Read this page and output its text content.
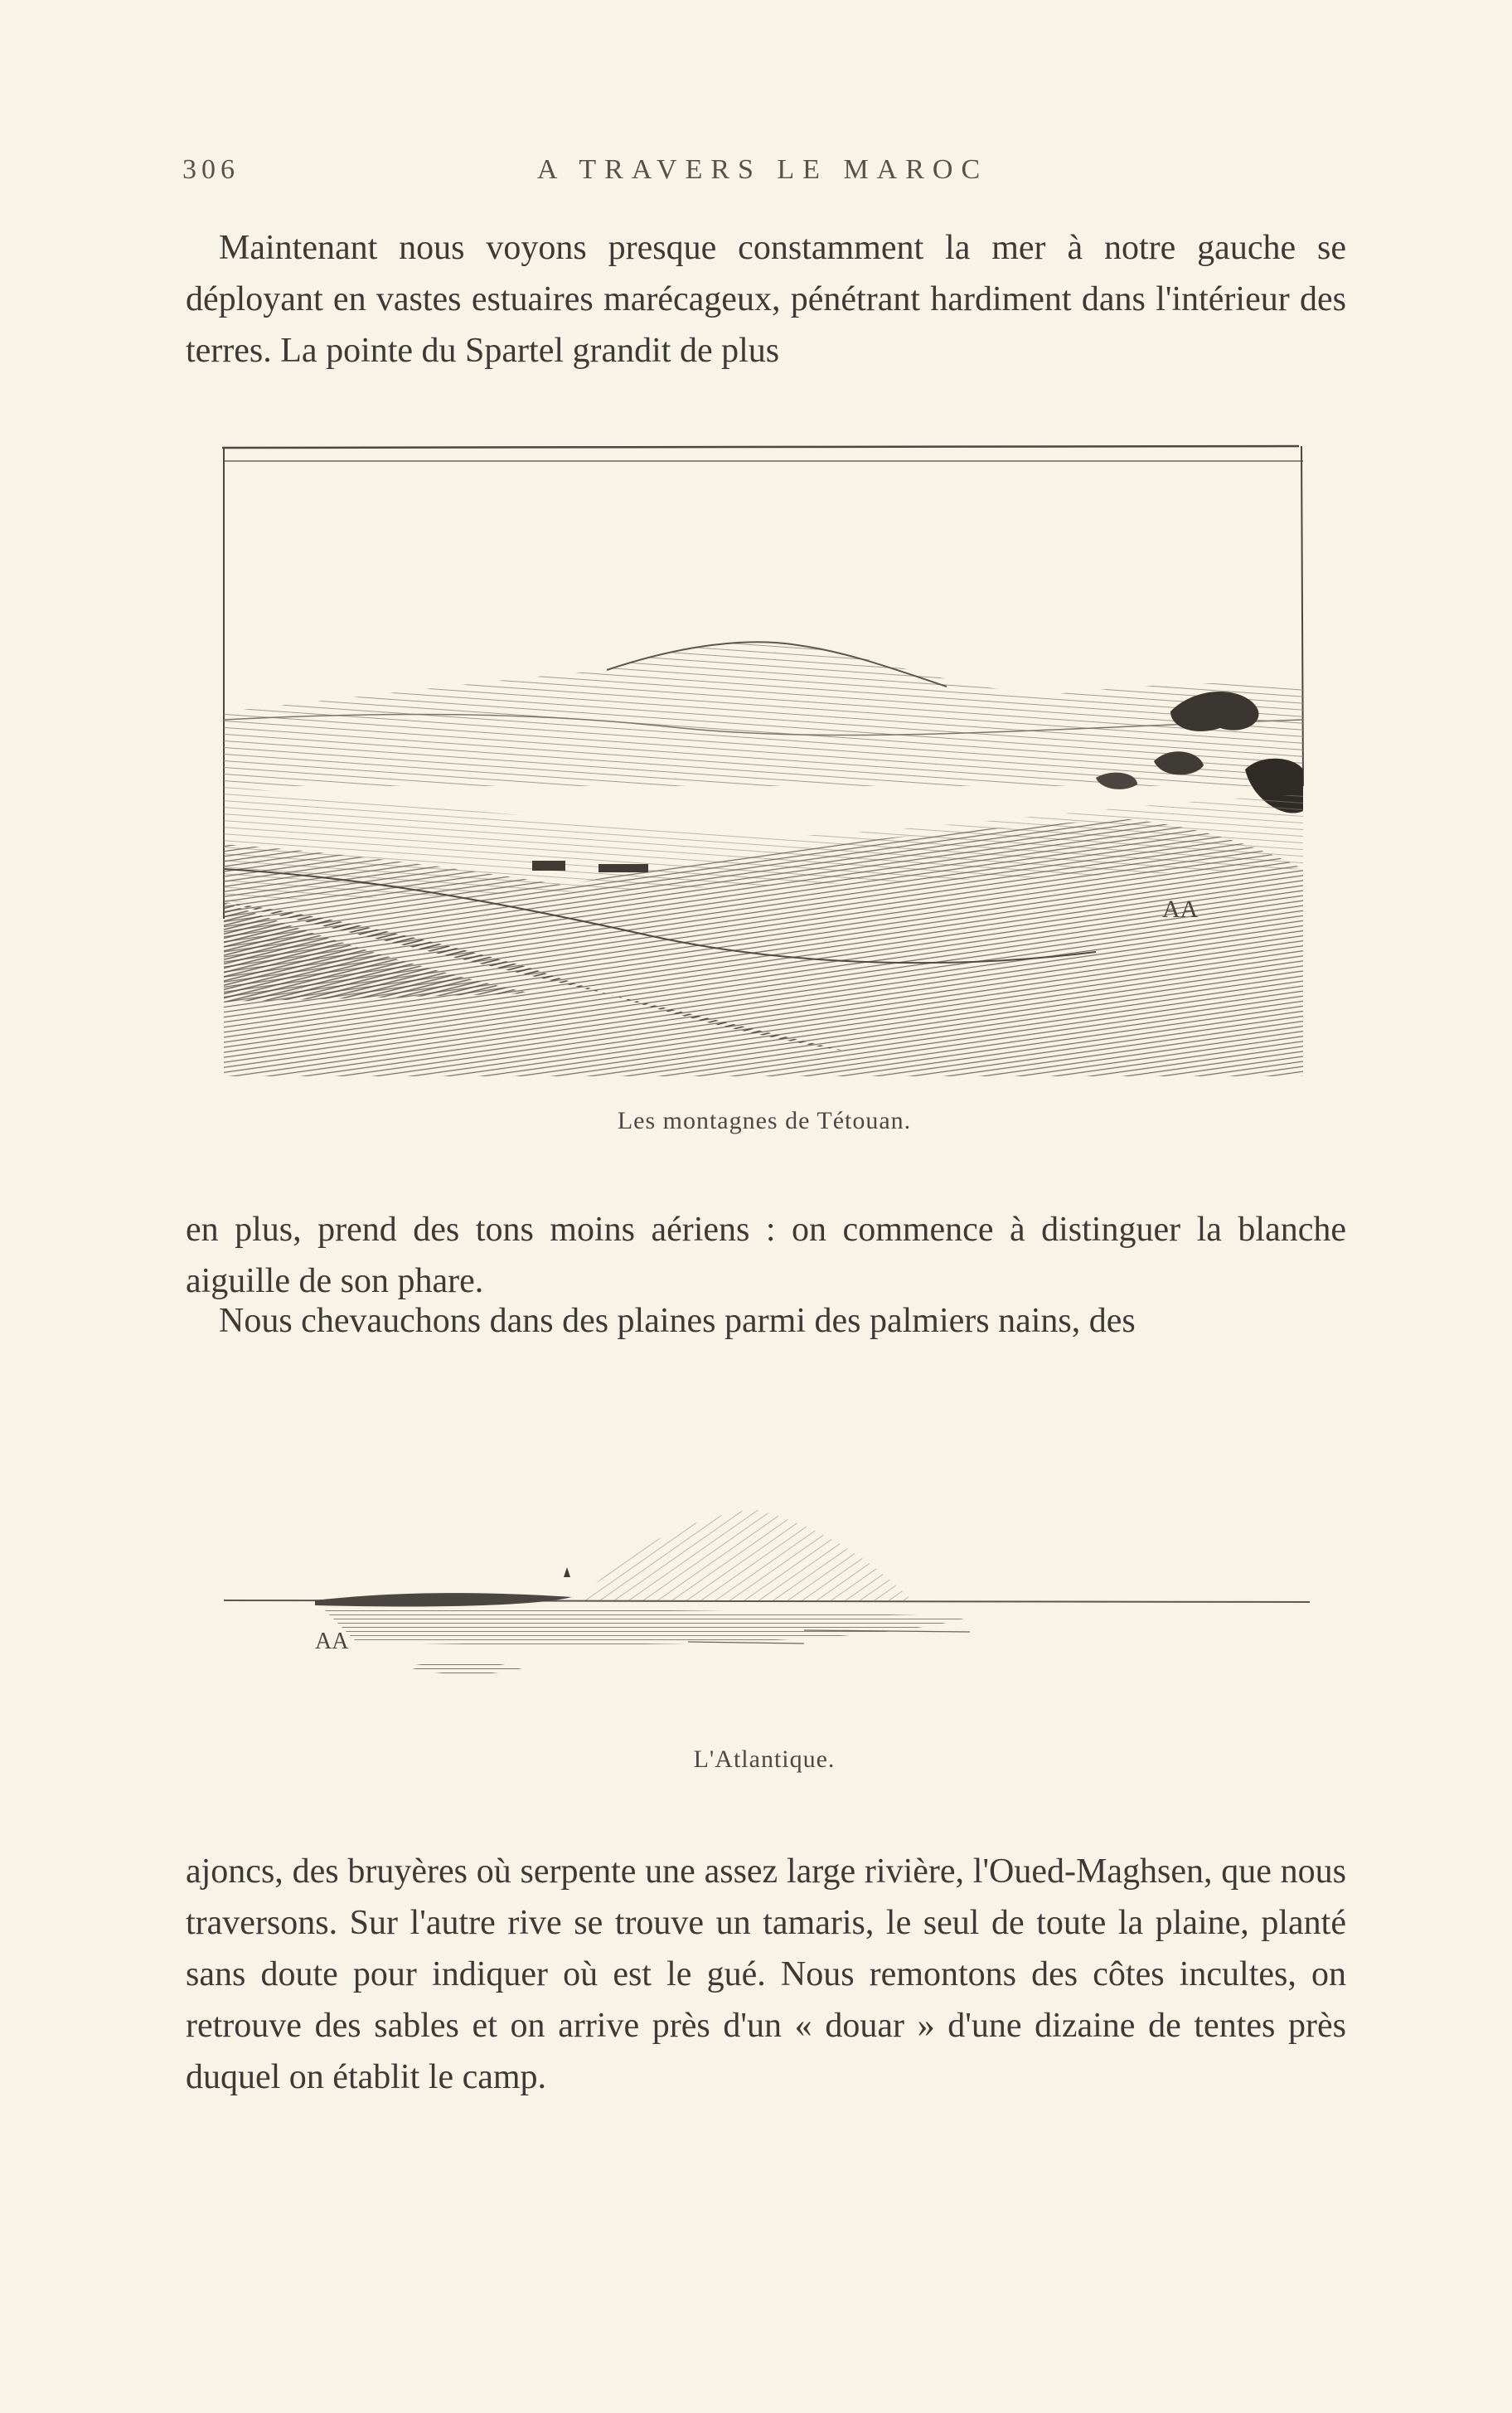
306	A TRAVERS LE MAROC

Maintenant nous voyons presque constamment la mer à notre gauche se déployant en vastes estuaires marécageux, pénétrant hardiment dans l'intérieur des terres. La pointe du Spartel grandit de plus

AA
Les montagnes de Tétouan.

en plus, prend des tons moins aériens : on commence à distinguer la blanche aiguille de son phare.

Nous chevauchons dans des plaines parmi des palmiers nains, des

AA
L'Atlantique.

ajoncs, des bruyères où serpente une assez large rivière, l'Oued-Maghsen, que nous traversons. Sur l'autre rive se trouve un tamaris, le seul de toute la plaine, planté sans doute pour indiquer où est le gué. Nous remontons des côtes incultes, on retrouve des sables et on arrive près d'un « douar » d'une dizaine de tentes près duquel on établit le camp.
